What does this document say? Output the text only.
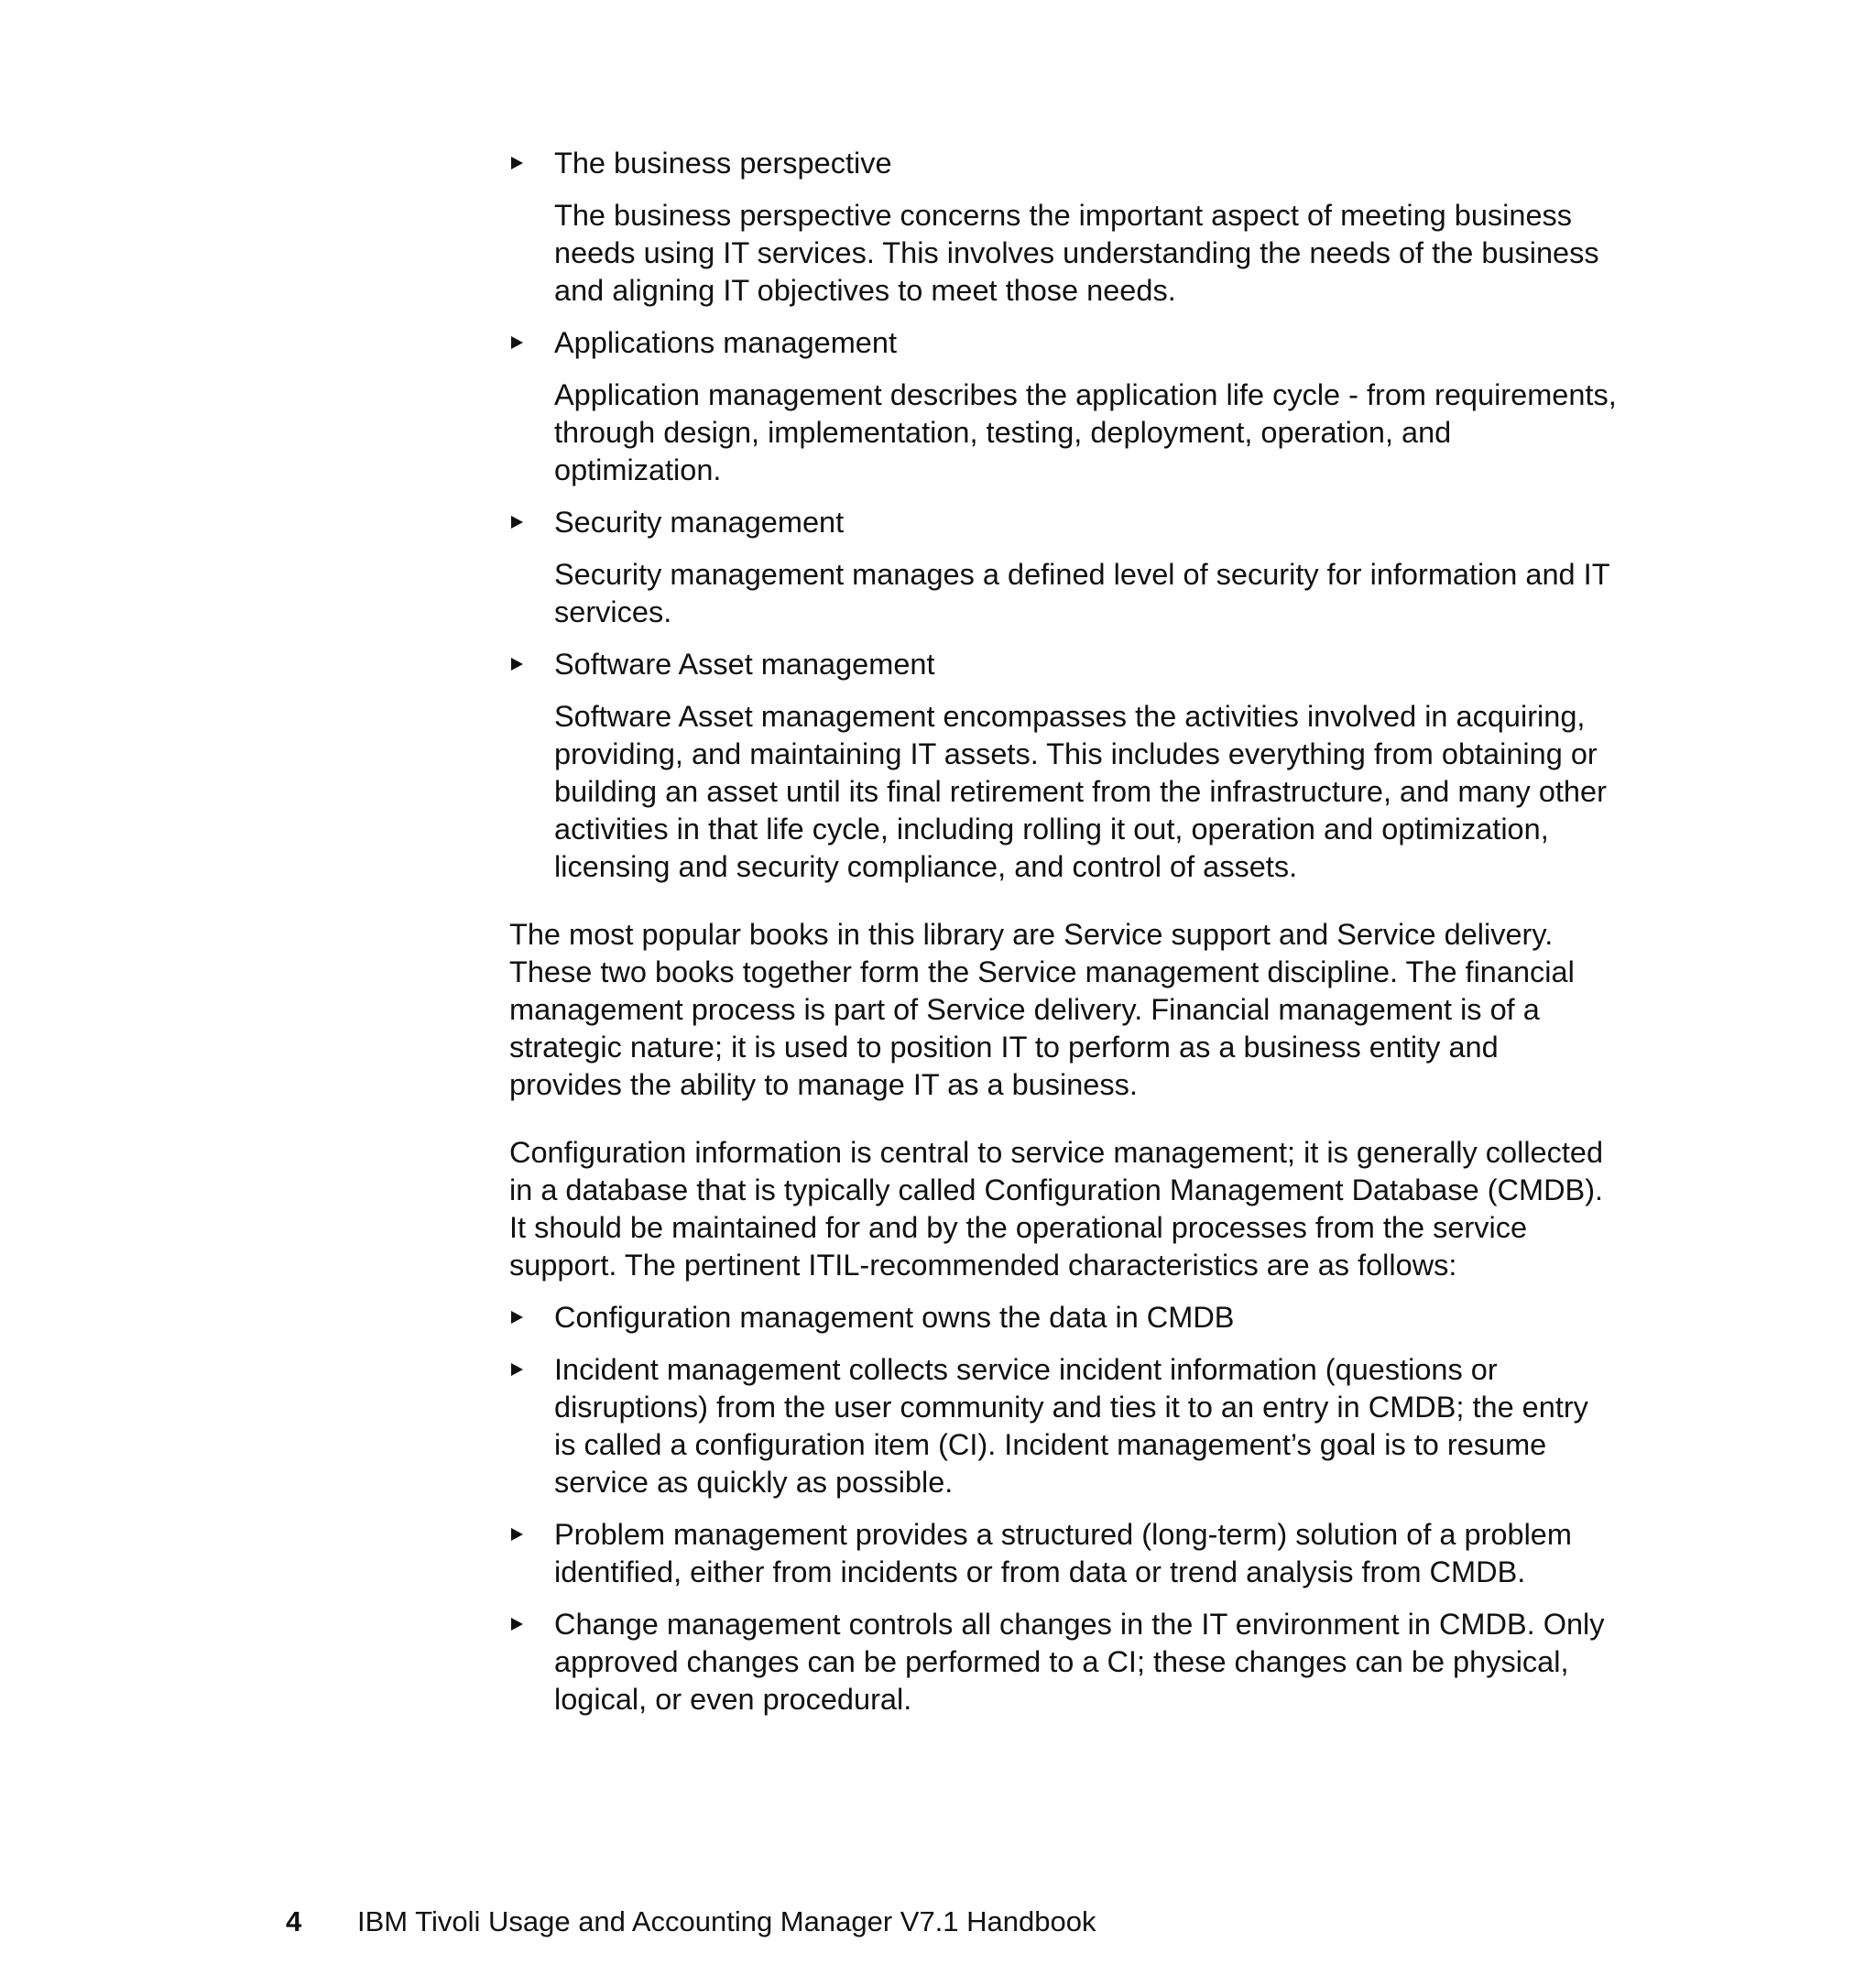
The business perspective

The business perspective concerns the important aspect of meeting business needs using IT services. This involves understanding the needs of the business and aligning IT objectives to meet those needs.

Applications management

Application management describes the application life cycle - from requirements, through design, implementation, testing, deployment, operation, and optimization.

Security management

Security management manages a defined level of security for information and IT services.

Software Asset management

Software Asset management encompasses the activities involved in acquiring, providing, and maintaining IT assets. This includes everything from obtaining or building an asset until its final retirement from the infrastructure, and many other activities in that life cycle, including rolling it out, operation and optimization, licensing and security compliance, and control of assets.

The most popular books in this library are Service support and Service delivery. These two books together form the Service management discipline. The financial management process is part of Service delivery. Financial management is of a strategic nature; it is used to position IT to perform as a business entity and provides the ability to manage IT as a business.

Configuration information is central to service management; it is generally collected in a database that is typically called Configuration Management Database (CMDB). It should be maintained for and by the operational processes from the service support. The pertinent ITIL-recommended characteristics are as follows:

Configuration management owns the data in CMDB

Incident management collects service incident information (questions or disruptions) from the user community and ties it to an entry in CMDB; the entry is called a configuration item (CI). Incident management’s goal is to resume service as quickly as possible.

Problem management provides a structured (long-term) solution of a problem identified, either from incidents or from data or trend analysis from CMDB.

Change management controls all changes in the IT environment in CMDB. Only approved changes can be performed to a CI; these changes can be physical, logical, or even procedural.

4 IBM Tivoli Usage and Accounting Manager V7.1 Handbook
